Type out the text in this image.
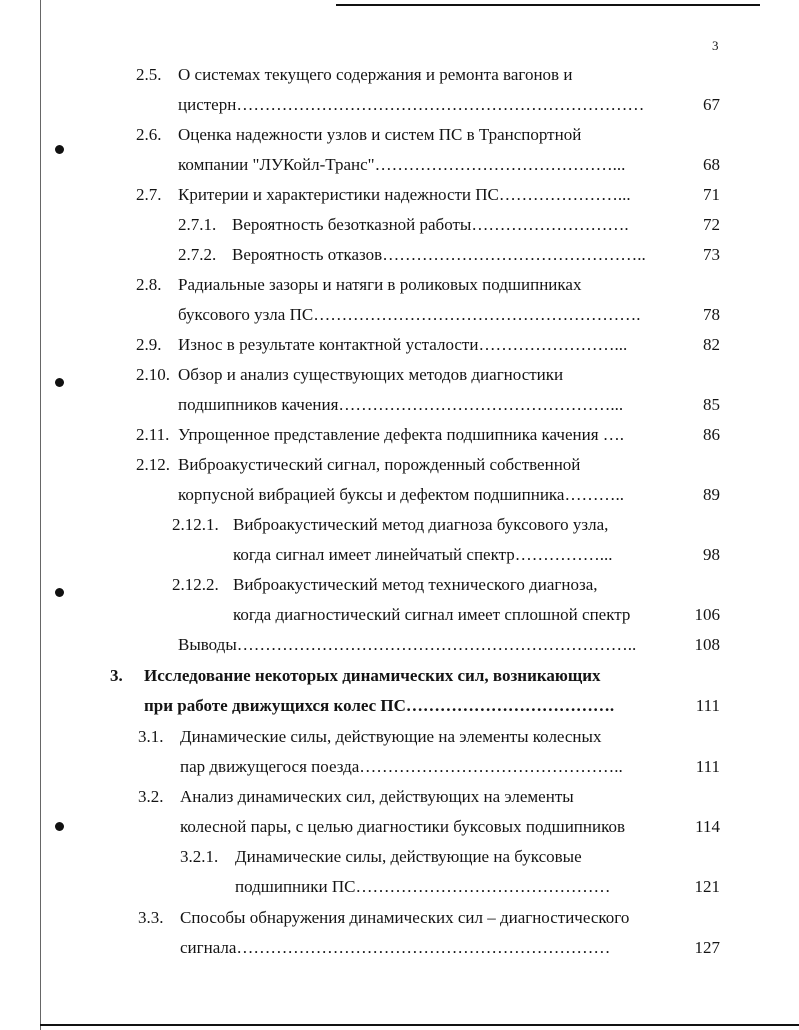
3
2.5. О системах текущего содержания и ремонта вагонов и
цистерн………………………………………………………………	67
2.6. Оценка надежности узлов и систем ПС в Транспортной
компании "ЛУКойл-Транс"……………………………………...	68
2.7. Критерии и характеристики надежности ПС…………………...	71
2.7.1. Вероятность безотказной работы……………………….	72
2.7.2. Вероятность отказов………………………………………..	73
2.8. Радиальные зазоры и натяги в роликовых подшипниках
буксового узла ПС………………………………………………….	78
2.9. Износ в результате контактной усталости……………………...	82
2.10. Обзор и анализ существующих методов диагностики
подшипников качения…………………………………………...	85
2.11. Упрощенное представление дефекта подшипника качения ….	86
2.12. Виброакустический сигнал, порожденный собственной
корпусной вибрацией буксы и дефектом подшипника………..	89
2.12.1. Виброакустический метод диагноза буксового узла,
когда сигнал имеет линейчатый спектр……………...	98
2.12.2. Виброакустический метод технического диагноза,
когда диагностический сигнал имеет сплошной спектр	106
Выводы……………………………………………………………..	108
3. Исследование некоторых динамических сил, возникающих
при работе движущихся колес ПС……………………………….	111
3.1. Динамические силы, действующие на элементы колесных
пар движущегося поезда………………………………………..	111
3.2. Анализ динамических сил, действующих на элементы
колесной пары, с целью диагностики буксовых подшипников	114
3.2.1. Динамические силы, действующие на буксовые
подшипники ПС………………………………………	121
3.3. Способы обнаружения динамических сил – диагностического
сигнала…………………………………………………………	127
